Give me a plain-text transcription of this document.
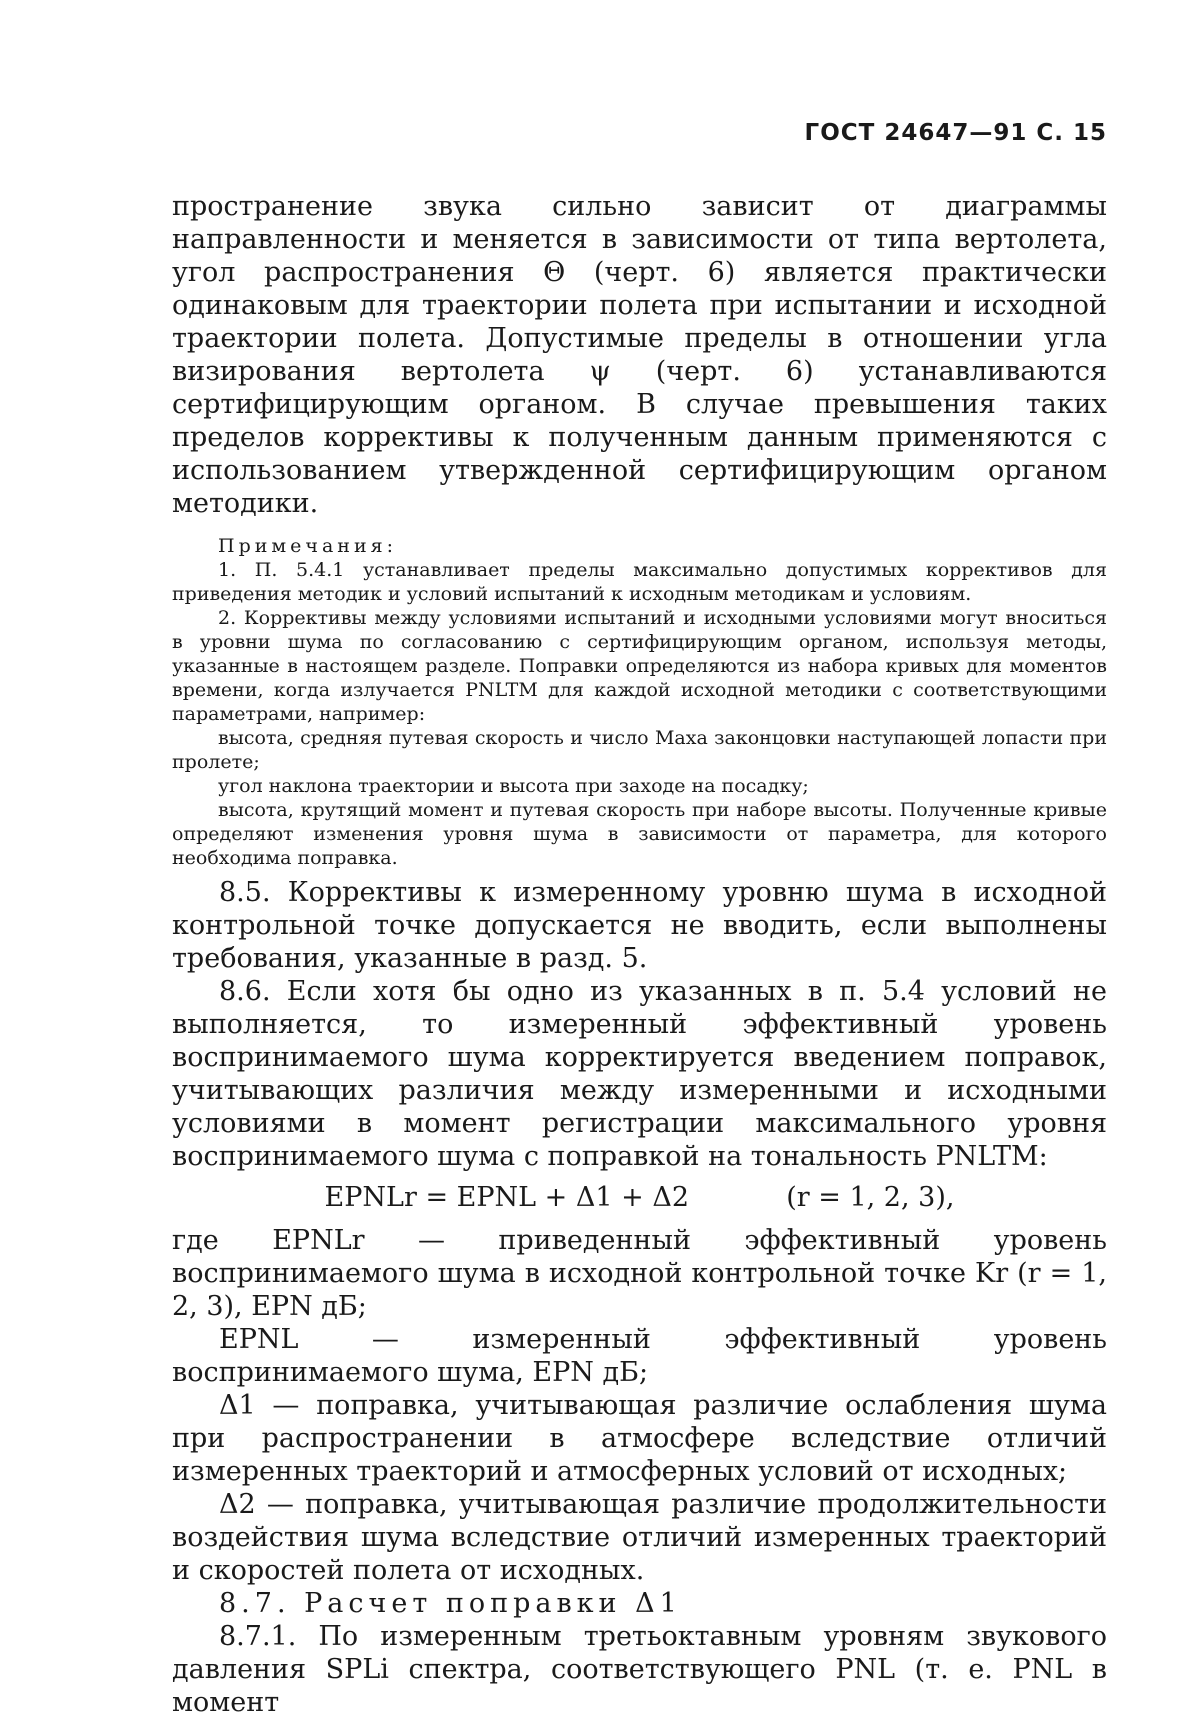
ГОСТ 24647—91 С. 15

пространение звука сильно зависит от диаграммы направленности и меняется в зависимости от типа вертолета, угол распространения Θ (черт. 6) является практически одинаковым для траектории полета при испытании и исходной траектории полета. Допустимые пределы в отношении угла визирования вертолета ψ (черт. 6) устанавливаются сертифицирующим органом. В случае превышения таких пределов коррективы к полученным данным применяются с использованием утвержденной сертифицирующим органом методики.

Примечания:

1. П. 5.4.1 устанавливает пределы максимально допустимых коррективов для приведения методик и условий испытаний к исходным методикам и условиям.

2. Коррективы между условиями испытаний и исходными условиями могут вноситься в уровни шума по согласованию с сертифицирующим органом, используя методы, указанные в настоящем разделе. Поправки определяются из набора кривых для моментов времени, когда излучается PNLTM для каждой исходной методики с соответствующими параметрами, например:

высота, средняя путевая скорость и число Маха законцовки наступающей лопасти при пролете;

угол наклона траектории и высота при заходе на посадку;

высота, крутящий момент и путевая скорость при наборе высоты. Полученные кривые определяют изменения уровня шума в зависимости от параметра, для которого необходима поправка.

8.5. Коррективы к измеренному уровню шума в исходной контрольной точке допускается не вводить, если выполнены требования, указанные в разд. 5.

8.6. Если хотя бы одно из указанных в п. 5.4 условий не выполняется, то измеренный эффективный уровень воспринимаемого шума корректируется введением поправок, учитывающих различия между измеренными и исходными условиями в момент регистрации максимального уровня воспринимаемого шума с поправкой на тональность PNLTM:

EPNLr = EPNL + Δ1 + Δ2	(r = 1, 2, 3),

где EPNLr — приведенный эффективный уровень воспринимаемого шума в исходной контрольной точке Kr (r = 1, 2, 3), EPN дБ;

EPNL — измеренный эффективный уровень воспринимаемого шума, EPN дБ;

Δ1 — поправка, учитывающая различие ослабления шума при распространении в атмосфере вследствие отличий измеренных траекторий и атмосферных условий от исходных;

Δ2 — поправка, учитывающая различие продолжительности воздействия шума вследствие отличий измеренных траекторий и скоростей полета от исходных.

8.7. Расчет поправки Δ1

8.7.1. По измеренным третьоктавным уровням звукового давления SPLi спектра, соответствующего PNL (т. е. PNL в момент
